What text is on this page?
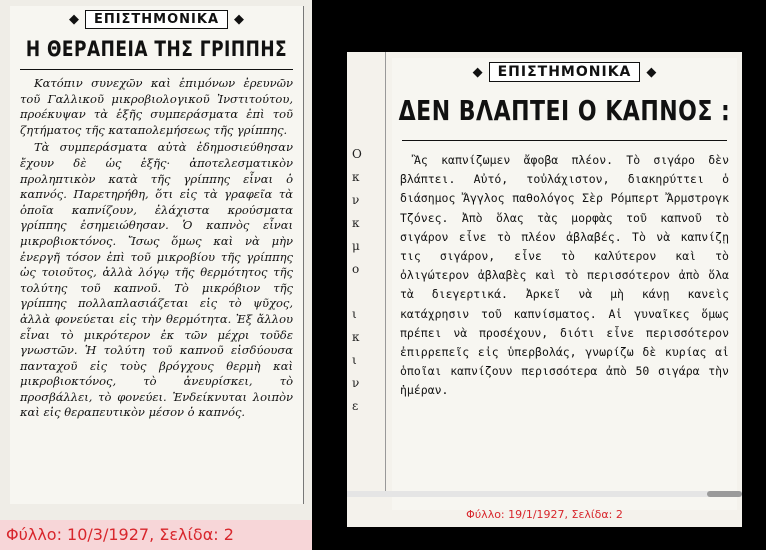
◆	ΕΠΙΣΤΗΜΟΝΙΚΑ	◆
Η ΘΕΡΑΠΕΙΑ ΤΗΣ ΓΡΙΠΠΗΣ

Κατόπιν συνεχῶν καὶ ἐπιμόνων ἐρευνῶν τοῦ Γαλλικοῦ μικροβιολογικοῦ Ἰνστιτούτου, προέκυψαν τὰ ἑξῆς συμπεράσματα ἐπὶ τοῦ ζητήματος τῆς καταπολεμήσεως τῆς γρίππης.

Τὰ συμπεράσματα αὐτὰ ἐδημοσιεύθησαν ἔχουν δὲ ὡς ἑξῆς· ἀποτελεσματικὸν προληπτικὸν κατὰ τῆς γρίππης εἶναι ὁ καπνός. Παρετηρήθη, ὅτι εἰς τὰ γραφεῖα τὰ ὁποῖα καπνίζουν, ἐλάχιστα κρούσματα γρίππης ἐσημειώθησαν. Ὁ καπνὸς εἶναι μικροβιοκτόνος. Ἴσως ὅμως καὶ νὰ μὴν ἐνεργῆ τόσον ἐπὶ τοῦ μικροβίου τῆς γρίππης ὡς τοιοῦτος, ἀλλὰ λόγῳ τῆς θερμότητος τῆς τολύτης τοῦ καπνοῦ. Τὸ μικρόβιον τῆς γρίππης πολλαπλασιάζεται εἰς τὸ ψῦχος, ἀλλὰ φονεύεται εἰς τὴν θερμότητα. Ἐξ ἄλλου εἶναι τὸ μικρότερον ἐκ τῶν μέχρι τοῦδε γνωστῶν. Ἡ τολύτη τοῦ καπνοῦ εἰσδύουσα πανταχοῦ εἰς τοὺς βρόγχους θερμὴ καὶ μικροβιοκτόνος, τὸ ἀνευρίσκει, τὸ προσβάλλει, τὸ φονεύει. Ἐνδείκνυται λοιπὸν καὶ εἰς θεραπευτικὸν μέσον ὁ καπνός.

Φύλλο: 10/3/1927, Σελίδα: 2
Ο
κ
ν
κ
μ
ο
ι
κ
ι
ν
ε
◆	ΕΠΙΣΤΗΜΟΝΙΚΑ	◆
ΔΕΝ ΒΛΑΠΤΕΙ Ο ΚΑΠΝΟΣ :

Ἂς καπνίζωμεν ἄφοβα πλέον. Τὸ σιγάρο δὲν βλάπτει. Αὐτό, τοὐλάχιστον, διακηρύττει ὁ διάσημος Ἄγγλος παθολόγος Σὲρ Ρόμπερτ Ἄρμστρογκ Τζόνες. Ἀπὸ ὅλας τὰς μορφὰς τοῦ καπνοῦ τὸ σιγάρον εἶνε τὸ πλέον ἀβλαβές. Τὸ νὰ καπνίζῃ τις σιγάρον, εἶνε τὸ καλύτερον καὶ τὸ ὀλιγώτερον ἀβλαβὲς καὶ τὸ περισσότερον ἀπὸ ὅλα τὰ διεγερτικά. Ἀρκεῖ νὰ μὴ κάνῃ κανεὶς κατάχρησιν τοῦ καπνίσματος. Αἱ γυναῖκες ὅμως πρέπει νὰ προσέχουν, διότι εἶνε περισσότερον ἐπιρρεπεῖς εἰς ὑπερβολάς, γνωρίζω δὲ κυρίας αἱ ὁποῖαι καπνίζουν περισσότερα ἀπὸ 50 σιγάρα τὴν ἡμέραν.

Φύλλο: 19/1/1927, Σελίδα: 2
